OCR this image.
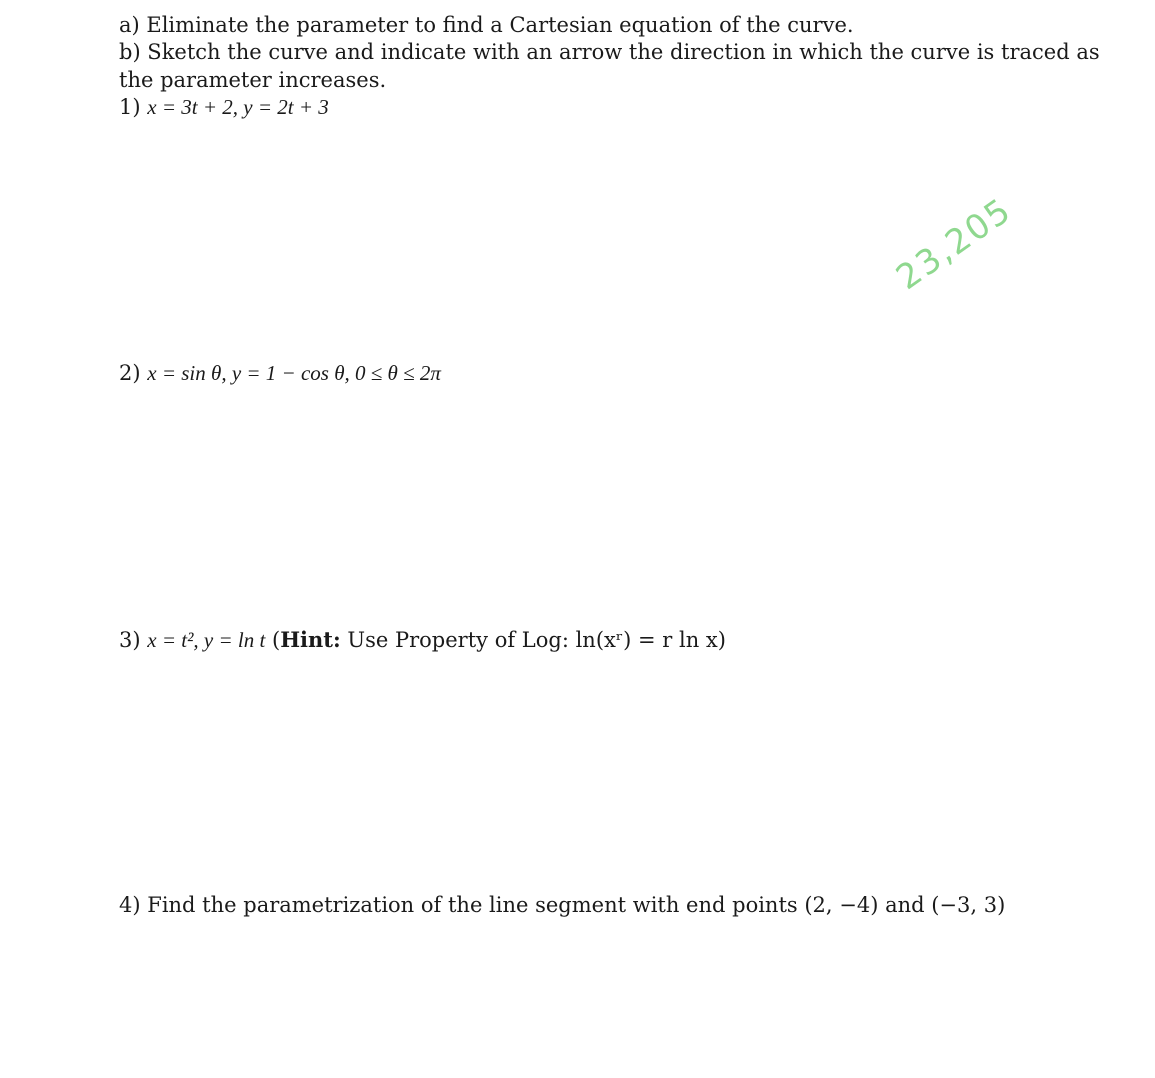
a) Eliminate the parameter to find a Cartesian equation of the curve.
b) Sketch the curve and indicate with an arrow the direction in which the curve is traced as
the parameter increases.
1) x = 3t + 2, y = 2t + 3
23,205
2) x = sin θ, y = 1 − cos θ, 0 ≤ θ ≤ 2π
3) x = t², y = ln t (Hint: Use Property of Log: ln(xʳ) = r ln x)
4) Find the parametrization of the line segment with end points (2, −4) and (−3, 3)
